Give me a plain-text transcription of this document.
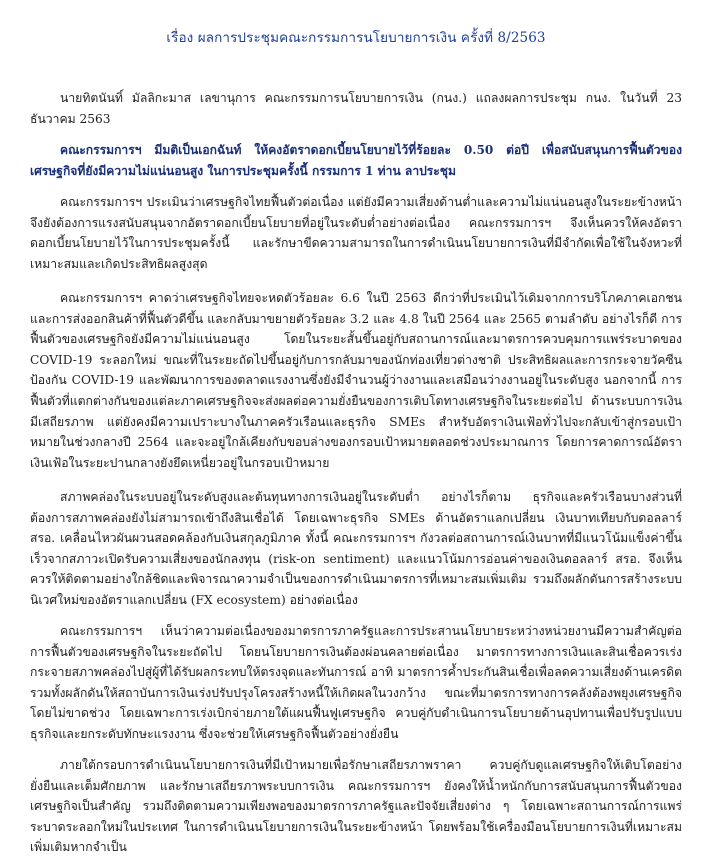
เรื่อง ผลการประชุมคณะกรรมการนโยบายการเงิน ครั้งที่ 8/2563

นายทิตนันทิ์ มัลลิกะมาส เลขานุการ คณะกรรมการนโยบายการเงิน (กนง.) แถลงผลการประชุม กนง. ในวันที่ 23 ธันวาคม 2563

คณะกรรมการฯ มีมติเป็นเอกฉันท์ ให้คงอัตราดอกเบี้ยนโยบายไว้ที่ร้อยละ 0.50 ต่อปี เพื่อสนับสนุนการฟื้นตัวของเศรษฐกิจที่ยังมีความไม่แน่นอนสูง ในการประชุมครั้งนี้ กรรมการ 1 ท่าน ลาประชุม

คณะกรรมการฯ ประเมินว่าเศรษฐกิจไทยฟื้นตัวต่อเนื่อง แต่ยังมีความเสี่ยงด้านต่ำและความไม่แน่นอนสูงในระยะข้างหน้า จึงยังต้องการแรงสนับสนุนจากอัตราดอกเบี้ยนโยบายที่อยู่ในระดับต่ำอย่างต่อเนื่อง คณะกรรมการฯ จึงเห็นควรให้คงอัตราดอกเบี้ยนโยบายไว้ในการประชุมครั้งนี้ และรักษาขีดความสามารถในการดำเนินนโยบายการเงินที่มีจำกัดเพื่อใช้ในจังหวะที่เหมาะสมและเกิดประสิทธิผลสูงสุด

คณะกรรมการฯ คาดว่าเศรษฐกิจไทยจะหดตัวร้อยละ 6.6 ในปี 2563 ดีกว่าที่ประเมินไว้เดิมจากการบริโภคภาคเอกชนและการส่งออกสินค้าที่ฟื้นตัวดีขึ้น และกลับมาขยายตัวร้อยละ 3.2 และ 4.8 ในปี 2564 และ 2565 ตามลำดับ อย่างไรก็ดี การฟื้นตัวของเศรษฐกิจยังมีความไม่แน่นอนสูง โดยในระยะสั้นขึ้นอยู่กับสถานการณ์และมาตรการควบคุมการแพร่ระบาดของ COVID-19 ระลอกใหม่ ขณะที่ในระยะถัดไปขึ้นอยู่กับการกลับมาของนักท่องเที่ยวต่างชาติ ประสิทธิผลและการกระจายวัคซีนป้องกัน COVID-19 และพัฒนาการของตลาดแรงงานซึ่งยังมีจำนวนผู้ว่างงานและเสมือนว่างงานอยู่ในระดับสูง นอกจากนี้ การฟื้นตัวที่แตกต่างกันของแต่ละภาคเศรษฐกิจจะส่งผลต่อความยั่งยืนของการเติบโตทางเศรษฐกิจในระยะต่อไป ด้านระบบการเงินมีเสถียรภาพ แต่ยังคงมีความเปราะบางในภาคครัวเรือนและธุรกิจ SMEs สำหรับอัตราเงินเฟ้อทั่วไปจะกลับเข้าสู่กรอบเป้าหมายในช่วงกลางปี 2564 และจะอยู่ใกล้เคียงกับขอบล่างของกรอบเป้าหมายตลอดช่วงประมาณการ โดยการคาดการณ์อัตราเงินเฟ้อในระยะปานกลางยังยึดเหนี่ยวอยู่ในกรอบเป้าหมาย

สภาพคล่องในระบบอยู่ในระดับสูงและต้นทุนทางการเงินอยู่ในระดับต่ำ อย่างไรก็ตาม ธุรกิจและครัวเรือนบางส่วนที่ต้องการสภาพคล่องยังไม่สามารถเข้าถึงสินเชื่อได้ โดยเฉพาะธุรกิจ SMEs ด้านอัตราแลกเปลี่ยน เงินบาทเทียบกับดอลลาร์ สรอ. เคลื่อนไหวผันผวนสอดคล้องกับเงินสกุลภูมิภาค ทั้งนี้ คณะกรรมการฯ กังวลต่อสถานการณ์เงินบาทที่มีแนวโน้มแข็งค่าขึ้นเร็วจากสภาวะเปิดรับความเสี่ยงของนักลงทุน (risk-on sentiment) และแนวโน้มการอ่อนค่าของเงินดอลลาร์ สรอ. จึงเห็นควรให้ติดตามอย่างใกล้ชิดและพิจารณาความจำเป็นของการดำเนินมาตรการที่เหมาะสมเพิ่มเติม รวมถึงผลักดันการสร้างระบบนิเวศใหม่ของอัตราแลกเปลี่ยน (FX ecosystem) อย่างต่อเนื่อง

คณะกรรมการฯ เห็นว่าความต่อเนื่องของมาตรการภาครัฐและการประสานนโยบายระหว่างหน่วยงานมีความสำคัญต่อการฟื้นตัวของเศรษฐกิจในระยะถัดไป โดยนโยบายการเงินต้องผ่อนคลายต่อเนื่อง มาตรการทางการเงินและสินเชื่อควรเร่งกระจายสภาพคล่องไปสู่ผู้ที่ได้รับผลกระทบให้ตรงจุดและทันการณ์ อาทิ มาตรการค้ำประกันสินเชื่อเพื่อลดความเสี่ยงด้านเครดิต รวมทั้งผลักดันให้สถาบันการเงินเร่งปรับปรุงโครงสร้างหนี้ให้เกิดผลในวงกว้าง ขณะที่มาตรการทางการคลังต้องพยุงเศรษฐกิจโดยไม่ขาดช่วง โดยเฉพาะการเร่งเบิกจ่ายภายใต้แผนฟื้นฟูเศรษฐกิจ ควบคู่กับดำเนินการนโยบายด้านอุปทานเพื่อปรับรูปแบบธุรกิจและยกระดับทักษะแรงงาน ซึ่งจะช่วยให้เศรษฐกิจฟื้นตัวอย่างยั่งยืน

ภายใต้กรอบการดำเนินนโยบายการเงินที่มีเป้าหมายเพื่อรักษาเสถียรภาพราคา ควบคู่กับดูแลเศรษฐกิจให้เติบโตอย่างยั่งยืนและเต็มศักยภาพ และรักษาเสถียรภาพระบบการเงิน คณะกรรมการฯ ยังคงให้น้ำหนักกับการสนับสนุนการฟื้นตัวของเศรษฐกิจเป็นสำคัญ รวมถึงติดตามความเพียงพอของมาตรการภาครัฐและปัจจัยเสี่ยงต่าง ๆ โดยเฉพาะสถานการณ์การแพร่ระบาดระลอกใหม่ในประเทศ ในการดำเนินนโยบายการเงินในระยะข้างหน้า โดยพร้อมใช้เครื่องมือนโยบายการเงินที่เหมาะสมเพิ่มเติมหากจำเป็น
